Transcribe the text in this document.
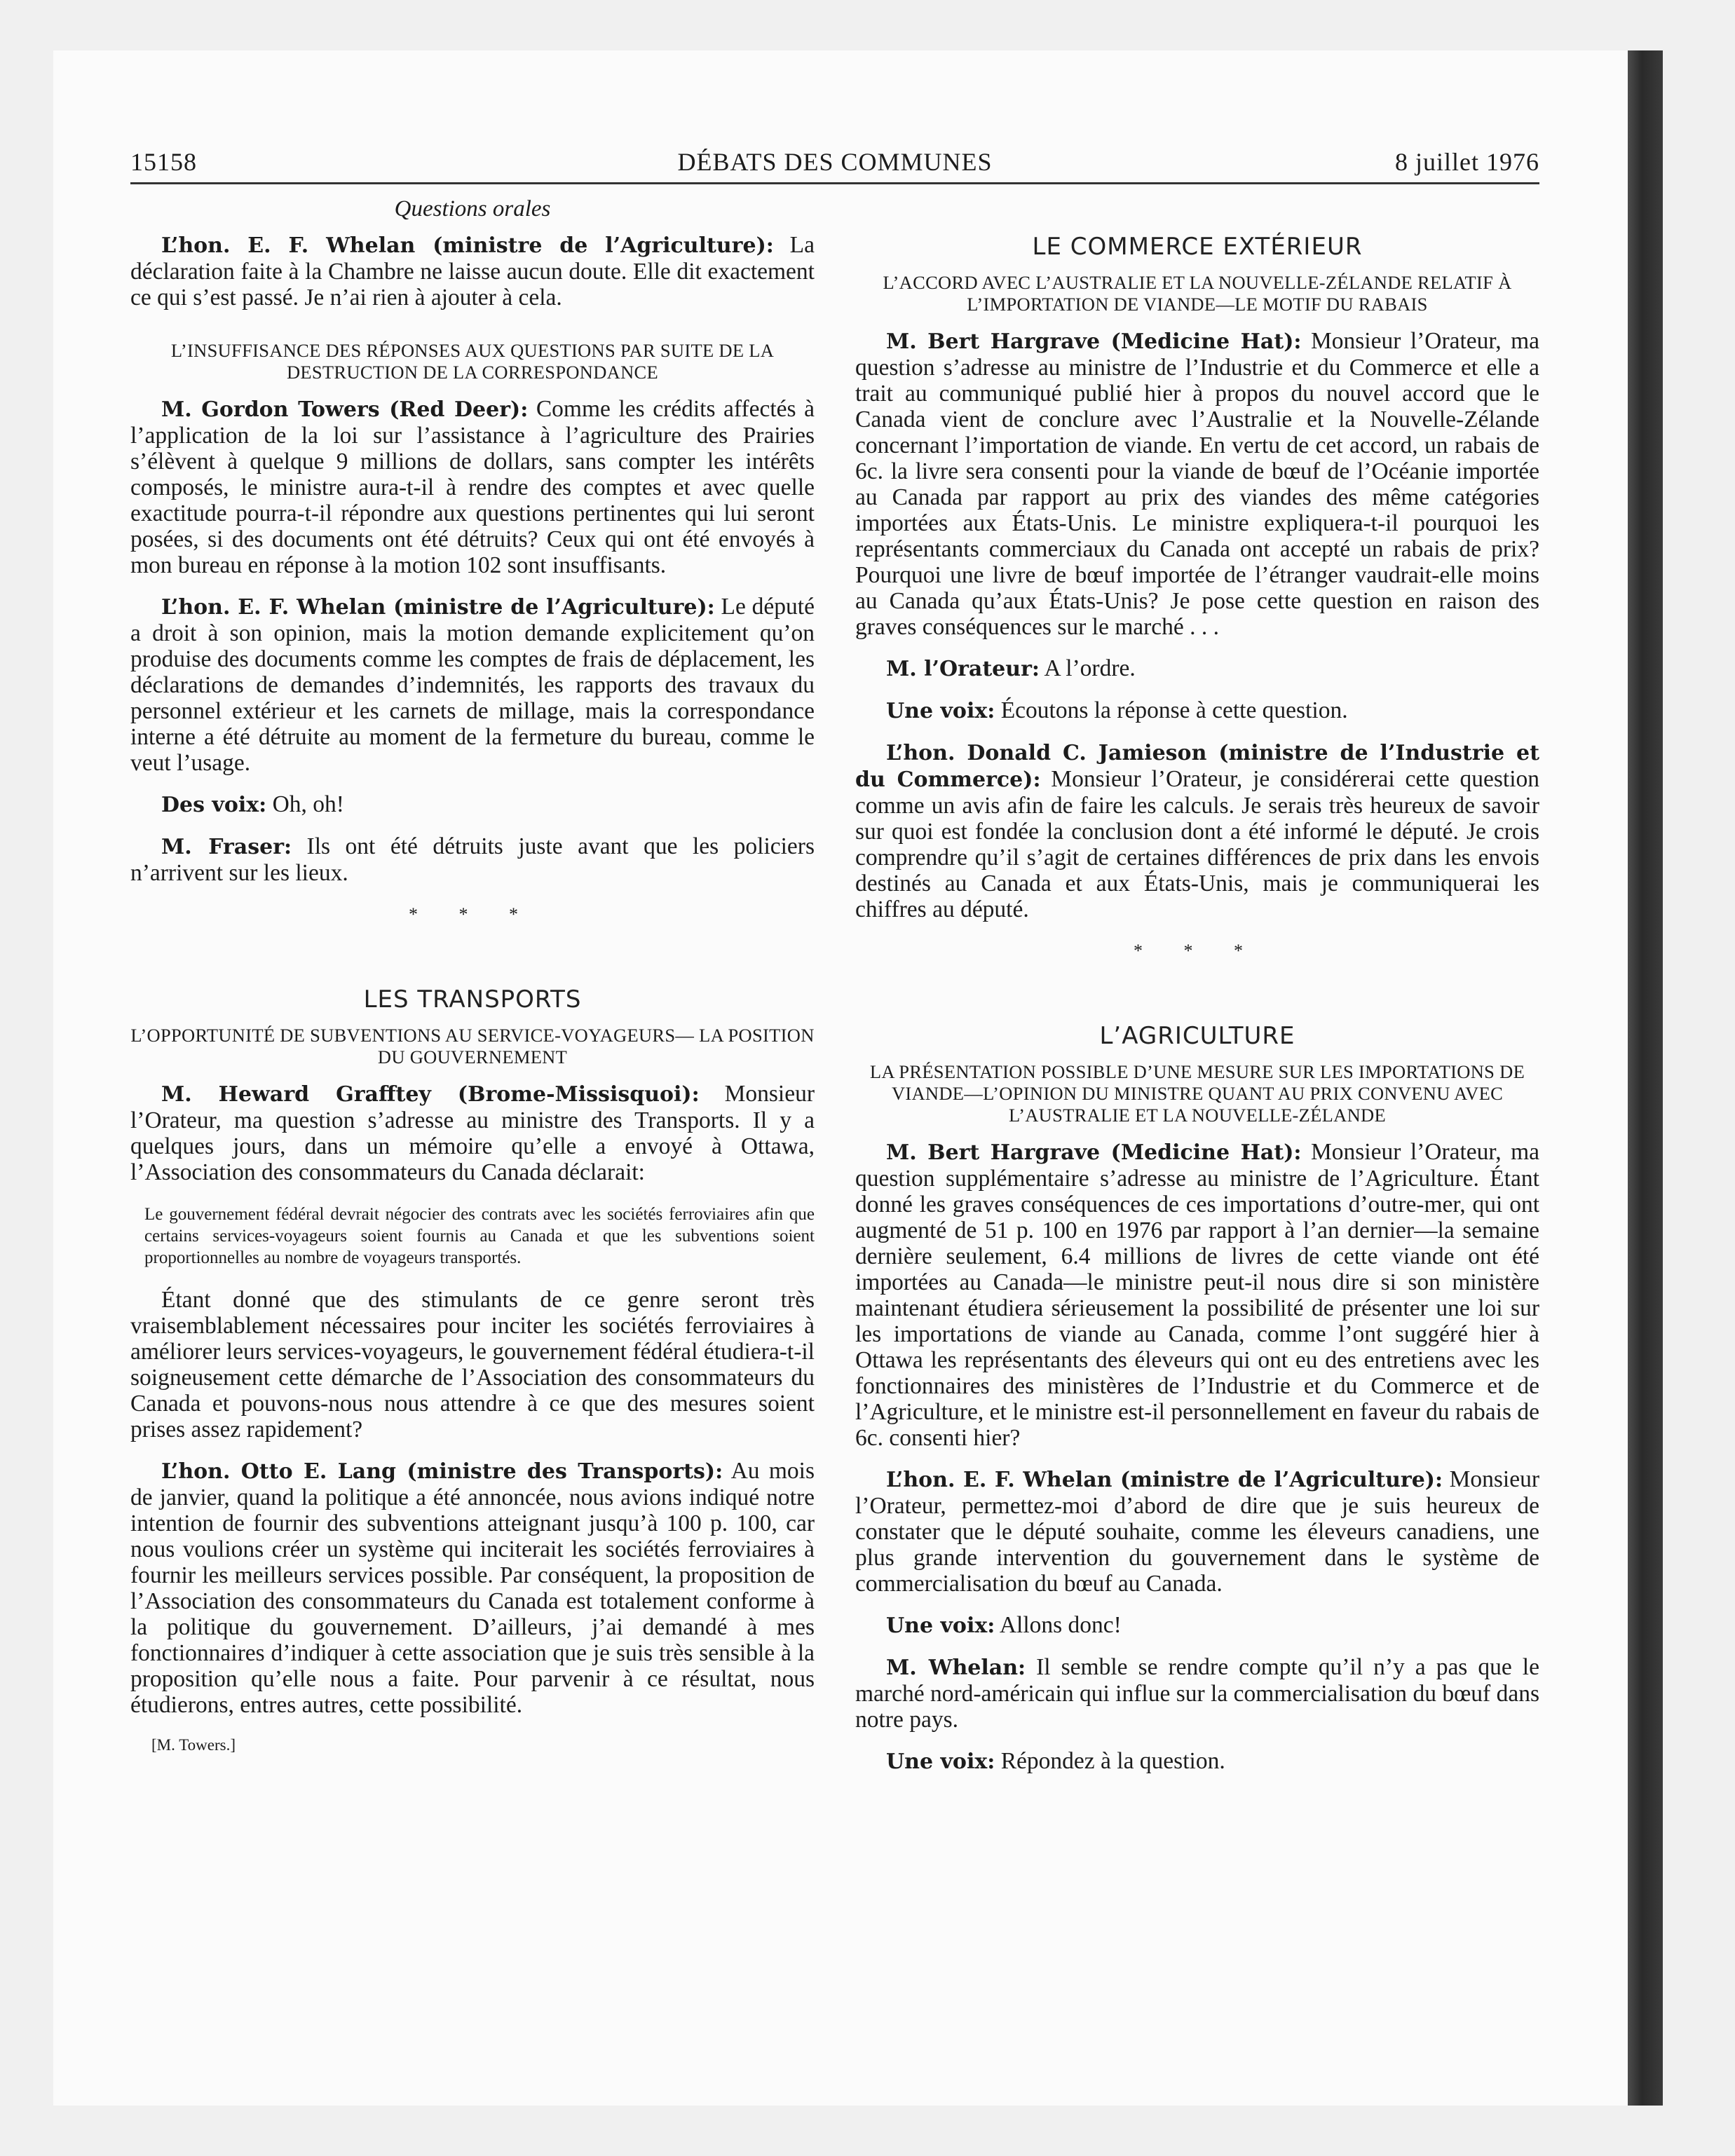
15158	DÉBATS DES COMMUNES	8 juillet 1976
Questions orales

L’hon. E. F. Whelan (ministre de l’Agriculture): La déclaration faite à la Chambre ne laisse aucun doute. Elle dit exactement ce qui s’est passé. Je n’ai rien à ajouter à cela.

L’INSUFFISANCE DES RÉPONSES AUX QUESTIONS PAR SUITE DE LA DESTRUCTION DE LA CORRESPONDANCE

M. Gordon Towers (Red Deer): Comme les crédits affectés à l’application de la loi sur l’assistance à l’agriculture des Prairies s’élèvent à quelque 9 millions de dollars, sans compter les intérêts composés, le ministre aura-t-il à rendre des comptes et avec quelle exactitude pourra-t-il répondre aux questions pertinentes qui lui seront posées, si des documents ont été détruits? Ceux qui ont été envoyés à mon bureau en réponse à la motion 102 sont insuffisants.

L’hon. E. F. Whelan (ministre de l’Agriculture): Le député a droit à son opinion, mais la motion demande explicitement qu’on produise des documents comme les comptes de frais de déplacement, les déclarations de demandes d’indemnités, les rapports des travaux du personnel extérieur et les carnets de millage, mais la correspondance interne a été détruite au moment de la fermeture du bureau, comme le veut l’usage.

Des voix: Oh, oh!

M. Fraser: Ils ont été détruits juste avant que les policiers n’arrivent sur les lieux.

* * *
LES TRANSPORTS
L’OPPORTUNITÉ DE SUBVENTIONS AU SERVICE-VOYAGEURS— LA POSITION DU GOUVERNEMENT

M. Heward Grafftey (Brome-Missisquoi): Monsieur l’Orateur, ma question s’adresse au ministre des Transports. Il y a quelques jours, dans un mémoire qu’elle a envoyé à Ottawa, l’Association des consommateurs du Canada déclarait:

Le gouvernement fédéral devrait négocier des contrats avec les sociétés ferroviaires afin que certains services-voyageurs soient fournis au Canada et que les subventions soient proportionnelles au nombre de voyageurs transportés.

Étant donné que des stimulants de ce genre seront très vraisemblablement nécessaires pour inciter les sociétés ferroviaires à améliorer leurs services-voyageurs, le gouvernement fédéral étudiera-t-il soigneusement cette démarche de l’Association des consommateurs du Canada et pouvons-nous nous attendre à ce que des mesures soient prises assez rapidement?

L’hon. Otto E. Lang (ministre des Transports): Au mois de janvier, quand la politique a été annoncée, nous avions indiqué notre intention de fournir des subventions atteignant jusqu’à 100 p. 100, car nous voulions créer un système qui inciterait les sociétés ferroviaires à fournir les meilleurs services possible. Par conséquent, la proposition de l’Association des consommateurs du Canada est totalement conforme à la politique du gouvernement. D’ailleurs, j’ai demandé à mes fonctionnaires d’indiquer à cette association que je suis très sensible à la proposition qu’elle nous a faite. Pour parvenir à ce résultat, nous étudierons, entres autres, cette possibilité.

[M. Towers.]
LE COMMERCE EXTÉRIEUR
L’ACCORD AVEC L’AUSTRALIE ET LA NOUVELLE-ZÉLANDE RELATIF À L’IMPORTATION DE VIANDE—LE MOTIF DU RABAIS

M. Bert Hargrave (Medicine Hat): Monsieur l’Orateur, ma question s’adresse au ministre de l’Industrie et du Commerce et elle a trait au communiqué publié hier à propos du nouvel accord que le Canada vient de conclure avec l’Australie et la Nouvelle-Zélande concernant l’importation de viande. En vertu de cet accord, un rabais de 6c. la livre sera consenti pour la viande de bœuf de l’Océanie importée au Canada par rapport au prix des viandes des même catégories importées aux États-Unis. Le ministre expliquera-t-il pourquoi les représentants commerciaux du Canada ont accepté un rabais de prix? Pourquoi une livre de bœuf importée de l’étranger vaudrait-elle moins au Canada qu’aux États-Unis? Je pose cette question en raison des graves conséquences sur le marché . . .

M. l’Orateur: A l’ordre.

Une voix: Écoutons la réponse à cette question.

L’hon. Donald C. Jamieson (ministre de l’Industrie et du Commerce): Monsieur l’Orateur, je considérerai cette question comme un avis afin de faire les calculs. Je serais très heureux de savoir sur quoi est fondée la conclusion dont a été informé le député. Je crois comprendre qu’il s’agit de certaines différences de prix dans les envois destinés au Canada et aux États-Unis, mais je communiquerai les chiffres au député.

* * *
L’AGRICULTURE
LA PRÉSENTATION POSSIBLE D’UNE MESURE SUR LES IMPORTATIONS DE VIANDE—L’OPINION DU MINISTRE QUANT AU PRIX CONVENU AVEC L’AUSTRALIE ET LA NOUVELLE-ZÉLANDE

M. Bert Hargrave (Medicine Hat): Monsieur l’Orateur, ma question supplémentaire s’adresse au ministre de l’Agriculture. Étant donné les graves conséquences de ces importations d’outre-mer, qui ont augmenté de 51 p. 100 en 1976 par rapport à l’an dernier—la semaine dernière seulement, 6.4 millions de livres de cette viande ont été importées au Canada—le ministre peut-il nous dire si son ministère maintenant étudiera sérieusement la possibilité de présenter une loi sur les importations de viande au Canada, comme l’ont suggéré hier à Ottawa les représentants des éleveurs qui ont eu des entretiens avec les fonctionnaires des ministères de l’Industrie et du Commerce et de l’Agriculture, et le ministre est-il personnellement en faveur du rabais de 6c. consenti hier?

L’hon. E. F. Whelan (ministre de l’Agriculture): Monsieur l’Orateur, permettez-moi d’abord de dire que je suis heureux de constater que le député souhaite, comme les éleveurs canadiens, une plus grande intervention du gouvernement dans le système de commercialisation du bœuf au Canada.

Une voix: Allons donc!

M. Whelan: Il semble se rendre compte qu’il n’y a pas que le marché nord-américain qui influe sur la commercialisation du bœuf dans notre pays.

Une voix: Répondez à la question.
